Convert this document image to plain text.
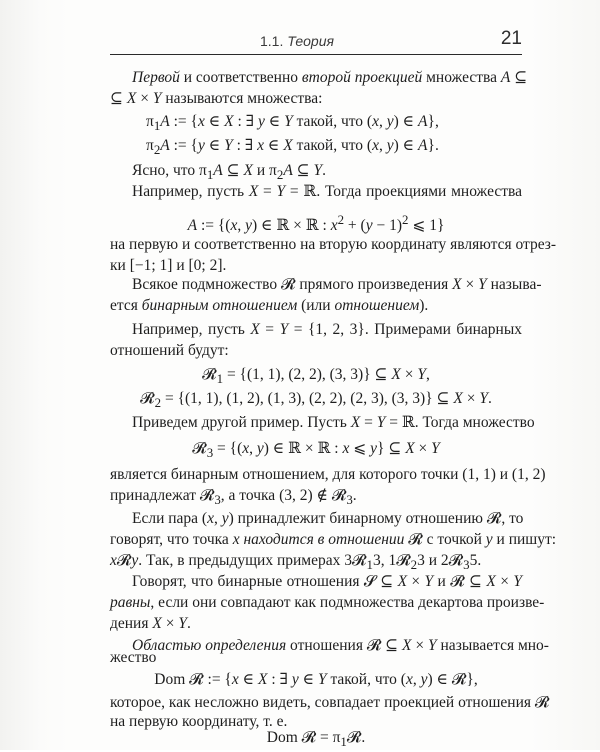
1.1. Теория	21
Первой и соответственно второй проекцией множества A ⊆
⊆ X × Y называются множества:
$\pi_1A$ := {x ∈ X : ∃ y ∈ Y такой, что (x, y) ∈ A},
$\pi_2A$ := {y ∈ Y : ∃ x ∈ X такой, что (x, y) ∈ A}.
Ясно, что $\pi_1A$ ⊆ X и $\pi_2A$ ⊆ Y.
Например, пусть X = Y = ℝ. Тогда проекциями множества
A := {(x, y) ∈ ℝ × ℝ : $x^2 + (y - 1)^2$ ⩽ 1}
на первую и соответственно на вторую координату являются отрез-
ки [−1; 1] и [0; 2].
Всякое подмножество 𝓡 прямого произведения X × Y называ-
ется бинарным отношением (или отношением).
Например, пусть X = Y = {1, 2, 3}. Примерами бинарных
отношений будут:
𝓡$_1$ = {(1, 1), (2, 2), (3, 3)} ⊆ X × Y,
𝓡$_2$ = {(1, 1), (1, 2), (1, 3), (2, 2), (2, 3), (3, 3)} ⊆ X × Y.
Приведем другой пример. Пусть X = Y = ℝ. Тогда множество
𝓡$_3$ = {(x, y) ∈ ℝ × ℝ : x ⩽ y} ⊆ X × Y
является бинарным отношением, для которого точки (1, 1) и (1, 2)
принадлежат 𝓡$_3$, а точка (3, 2) ∉ 𝓡$_3$.
Если пара (x, y) принадлежит бинарному отношению 𝓡, то
говорят, что точка x находится в отношении 𝓡 с точкой y и пишут:
x𝓡y. Так, в предыдущих примерах 3𝓡$_1$3, 1𝓡$_2$3 и 2𝓡$_3$5.
Говорят, что бинарные отношения 𝓢 ⊆ X × Y и 𝓡 ⊆ X × Y
равны, если они совпадают как подмножества декартова произве-
дения X × Y.
Областью определения отношения 𝓡 ⊆ X × Y называется мно-
жество
Dom 𝓡 := {x ∈ X : ∃ y ∈ Y такой, что (x, y) ∈ 𝓡},
которое, как несложно видеть, совпадает проекцией отношения 𝓡
на первую координату, т. е.
Dom 𝓡 = $\pi_1𝓡$.
